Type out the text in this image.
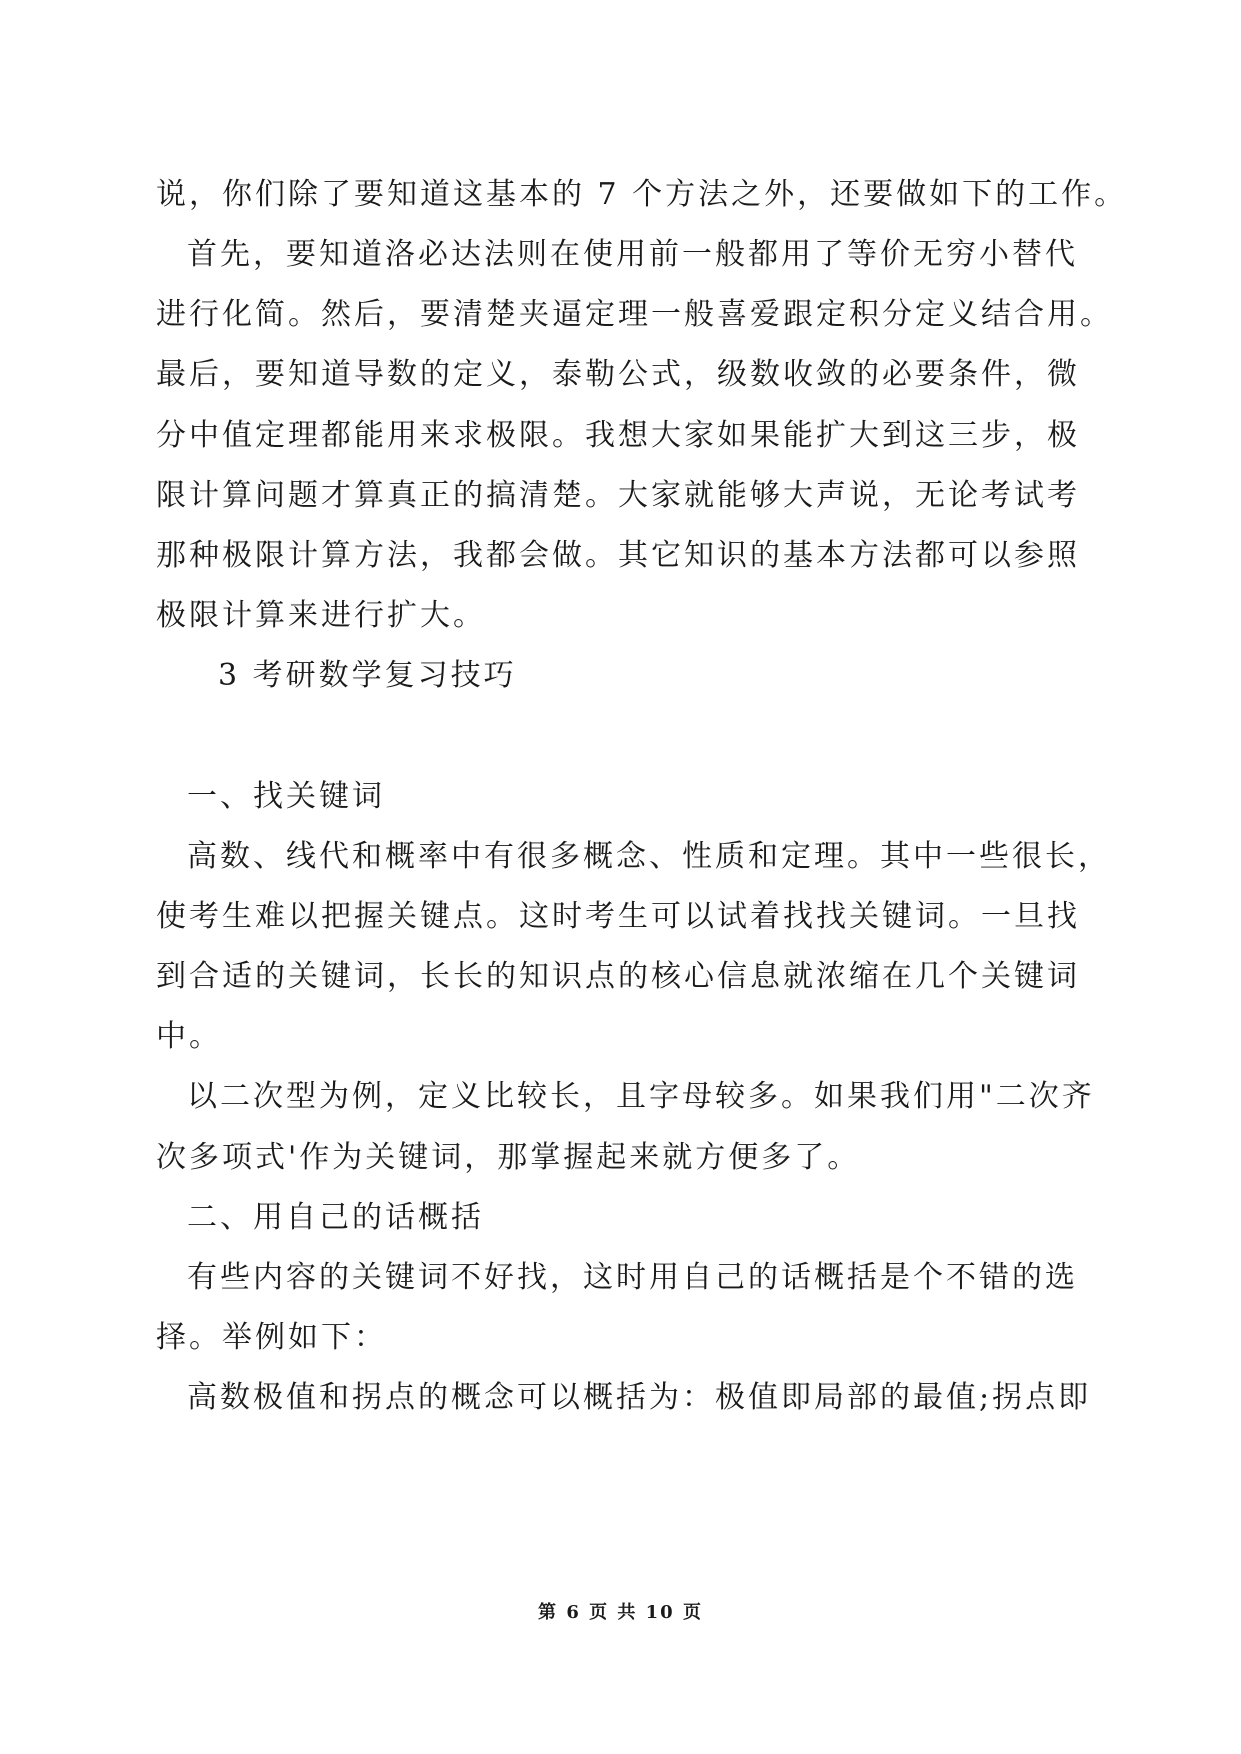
说，你们除了要知道这基本的 7 个方法之外，还要做如下的工作。
首先，要知道洛必达法则在使用前一般都用了等价无穷小替代
进行化简。然后，要清楚夹逼定理一般喜爱跟定积分定义结合用。
最后，要知道导数的定义，泰勒公式，级数收敛的必要条件，微
分中值定理都能用来求极限。我想大家如果能扩大到这三步，极
限计算问题才算真正的搞清楚。大家就能够大声说，无论考试考
那种极限计算方法，我都会做。其它知识的基本方法都可以参照
极限计算来进行扩大。
3 考研数学复习技巧
一、找关键词
高数、线代和概率中有很多概念、性质和定理。其中一些很长，
使考生难以把握关键点。这时考生可以试着找找关键词。一旦找
到合适的关键词，长长的知识点的核心信息就浓缩在几个关键词
中。
以二次型为例，定义比较长，且字母较多。如果我们用"二次齐
次多项式'作为关键词，那掌握起来就方便多了。
二、用自己的话概括
有些内容的关键词不好找，这时用自己的话概括是个不错的选
择。举例如下：
高数极值和拐点的概念可以概括为：极值即局部的最值;拐点即
第 6 页 共 10 页
